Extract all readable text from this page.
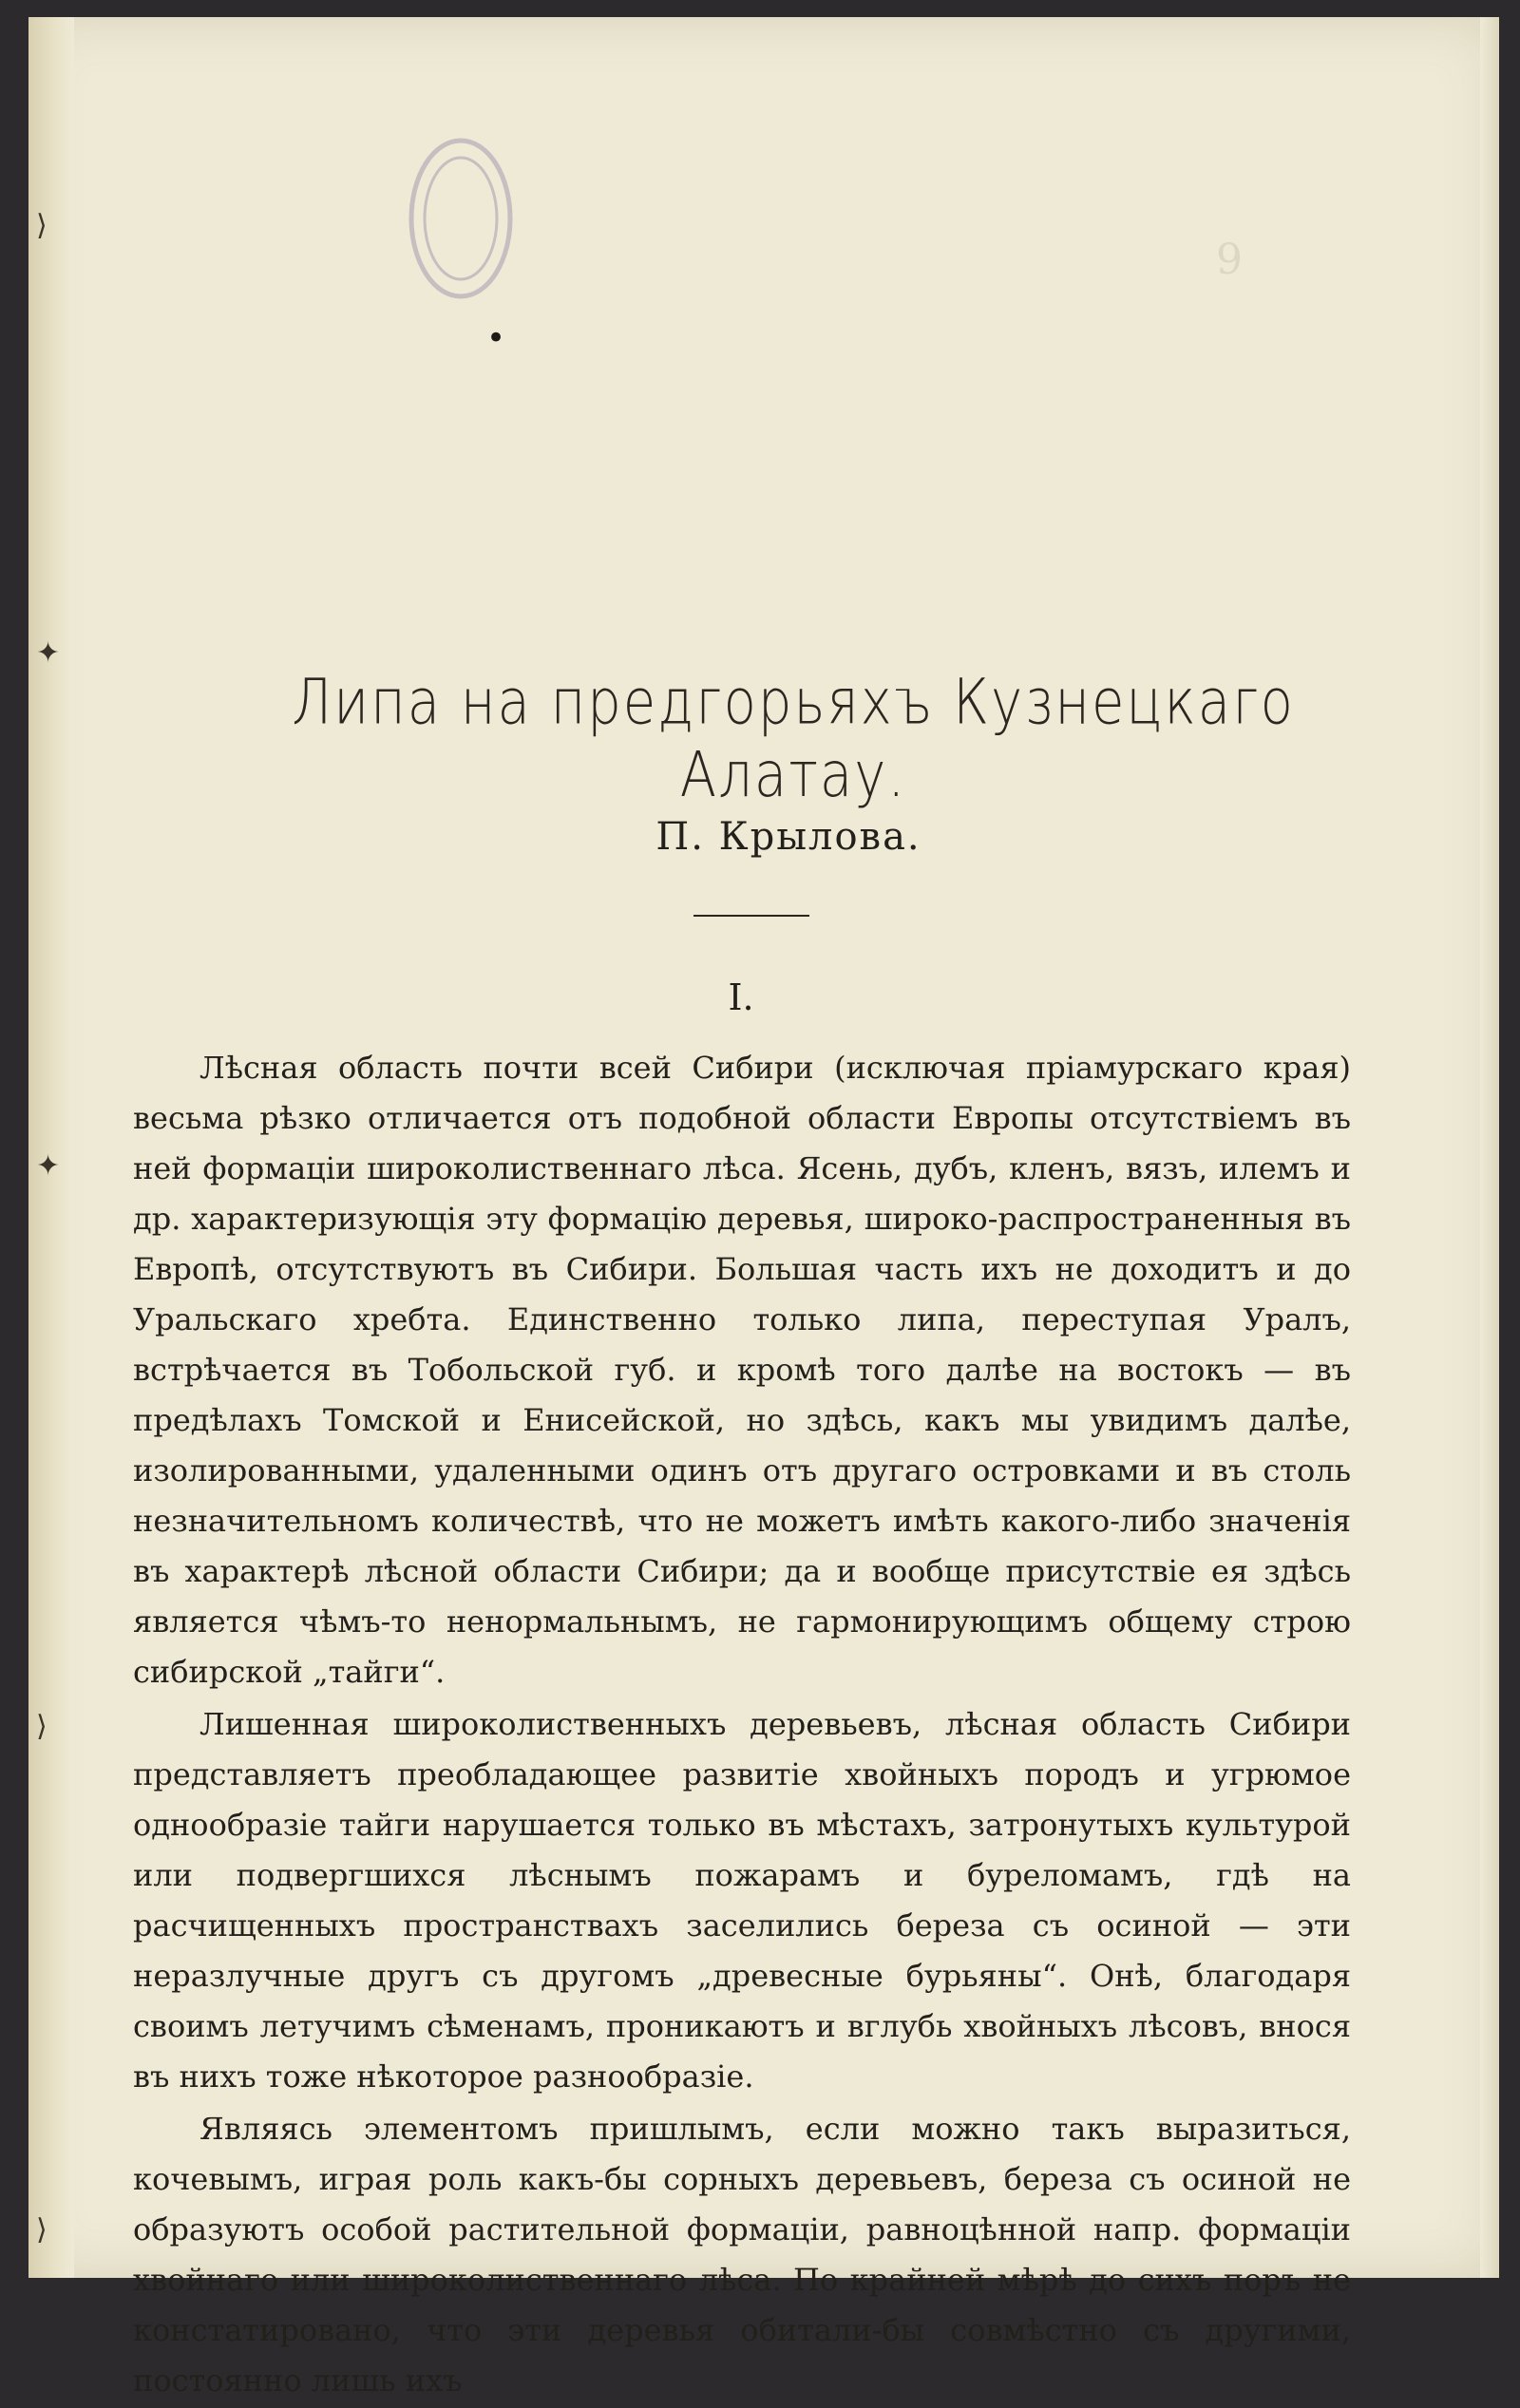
⟩
✦
✦
⟩
⟩
•
9
Липа на предгорьяхъ Кузнецкаго Алатау.
П. Крылова.
I.

Лѣсная область почти всей Сибири (исключая пріамурскаго края) весьма рѣзко отличается отъ подобной области Европы отсутствіемъ въ ней формаціи широколиственнаго лѣса. Ясень, дубъ, кленъ, вязъ, илемъ и др. характеризующія эту формацію деревья, широко-распространенныя въ Европѣ, отсутствуютъ въ Сибири. Большая часть ихъ не доходитъ и до Уральскаго хребта. Единственно только липа, переступая Уралъ, встрѣчается въ Тобольской губ. и кромѣ того далѣе на востокъ — въ предѣлахъ Томской и Енисейской, но здѣсь, какъ мы увидимъ далѣе, изолированными, удаленными одинъ отъ другаго островками и въ столь незначительномъ количествѣ, что не можетъ имѣть какого-либо значенія въ характерѣ лѣсной области Сибири; да и вообще присутствіе ея здѣсь является чѣмъ-то ненормальнымъ, не гармонирующимъ общему строю сибирской „тайги“.

Лишенная широколиственныхъ деревьевъ, лѣсная область Сибири представляетъ преобладающее развитіе хвойныхъ породъ и угрюмое однообразіе тайги нарушается только въ мѣстахъ, затронутыхъ культурой или подвергшихся лѣснымъ пожарамъ и буреломамъ, гдѣ на расчищенныхъ пространствахъ заселились береза съ осиной — эти неразлучные другъ съ другомъ „древесные бурьяны“. Онѣ, благодаря своимъ летучимъ сѣменамъ, проникаютъ и вглубь хвойныхъ лѣсовъ, внося въ нихъ тоже нѣкоторое разнообразіе.

Являясь элементомъ пришлымъ, если можно такъ выразиться, кочевымъ, играя роль какъ-бы сорныхъ деревьевъ, береза съ осиной не образуютъ особой растительной формаціи, равноцѣнной напр. формаціи хвойнаго или широколиственнаго лѣса. По крайней мѣрѣ до сихъ поръ не констатировано, что эти деревья обитали-бы совмѣстно съ другими, постоянно лишь ихъ
